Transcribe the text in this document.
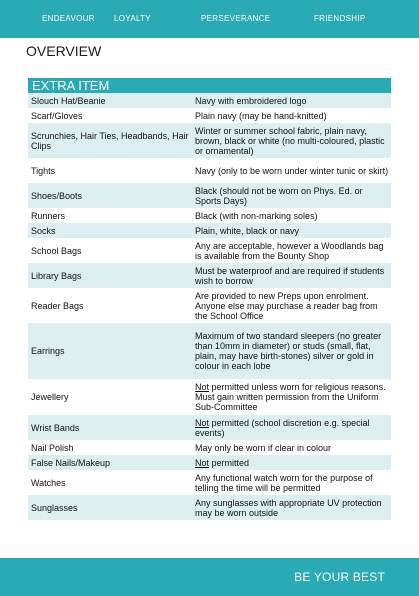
ENDEAVOUR LOYALTY	PERSEVERANCE	FRIENDSHIP
OVERVIEW
EXTRA ITEM
Slouch Hat/Beanie	Navy with embroidered logo
Scarf/Gloves	Plain navy (may be hand-knitted)
Scrunchies, Hair Ties, Headbands, Hair Clips	Winter or summer school fabric, plain navy, brown, black or white (no multi-coloured, plastic or ornamental)
Tights	Navy (only to be worn under winter tunic or skirt)
Shoes/Boots	Black (should not be worn on Phys. Ed. or Sports Days)
Runners	Black (with non-marking soles)
Socks	Plain, white, black or navy
School Bags	Any are acceptable, however a Woodlands bag is available from the Bounty Shop
Library Bags	Must be waterproof and are required if students wish to borrow
Reader Bags	Are provided to new Preps upon enrolment. Anyone else may purchase a reader bag from the School Office
Earrings	Maximum of two standard sleepers (no greater than 10mm in diameter) or studs (small, flat, plain, may have birth-stones) silver or gold in colour in each lobe
Jewellery	Not permitted unless worn for religious reasons. Must gain written permission from the Uniform Sub-Committee
Wrist Bands	Not permitted (school discretion e.g. special events)
Nail Polish	May only be worn if clear in colour
False Nails/Makeup	Not permitted
Watches	Any functional watch worn for the purpose of telling the time will be permitted
Sunglasses	Any sunglasses with appropriate UV protection may be worn outside
BE YOUR BEST
